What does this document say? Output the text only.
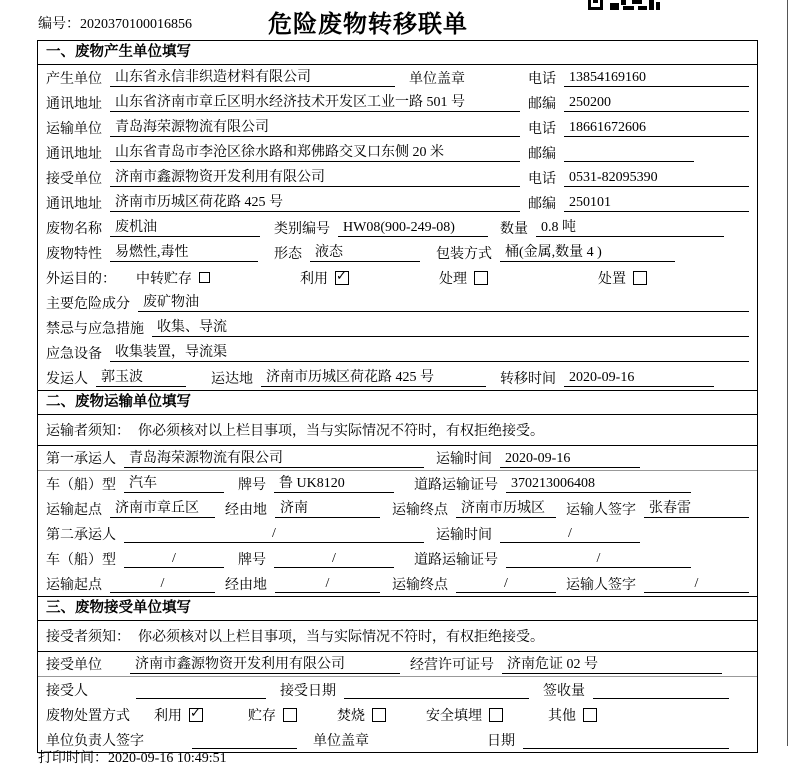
编号：2020370100016856	危险废物转移联单
一、废物产生单位填写
产生单位 山东省永信非织造材料有限公司	单位盖章	电话 13854169160
通讯地址 山东省济南市章丘区明水经济技术开发区工业一路 501 号	邮编 250200
运输单位 青岛海荣源物流有限公司	电话 18661672606
通讯地址 山东省青岛市李沧区徐水路和郑佛路交叉口东侧 20 米	邮编
接受单位 济南市鑫源物资开发利用有限公司	电话 0531-82095390
通讯地址 济南市历城区荷花路 425 号	邮编 250101
废物名称 废机油	类别编号 HW08(900-249-08)	数量 0.8 吨
废物特性 易燃性,毒性	形态 液态	包装方式 桶(金属,数量 4 )
外运目的： 中转贮存	利用 ✓	处理	处置
主要危险成分 废矿物油
禁忌与应急措施 收集、导流
应急设备 收集装置，导流渠
发运人 郭玉波	运达地 济南市历城区荷花路 425 号	转移时间 2020-09-16
二、废物运输单位填写
运输者须知： 你必须核对以上栏目事项，当与实际情况不符时，有权拒绝接受。
第一承运人 青岛海荣源物流有限公司	运输时间 2020-09-16
车（船）型 汽车	牌号 鲁 UK8120	道路运输证号 370213006408
运输起点 济南市章丘区	经由地 济南	运输终点 济南市历城区	运输人签字 张春雷
第二承运人	/	运输时间	/
车（船）型	/	牌号	/	道路运输证号	/
运输起点	/	经由地	/	运输终点	/	运输人签字	/
三、废物接受单位填写
接受者须知： 你必须核对以上栏目事项，当与实际情况不符时，有权拒绝接受。
接受单位	济南市鑫源物资开发利用有限公司	经营许可证号 济南危证 02 号
接受人	接受日期	签收量
废物处置方式 利用 ✓	贮存	焚烧	安全填埋	其他
单位负责人签字	单位盖章	日期
打印时间：2020-09-16 10:49:51
